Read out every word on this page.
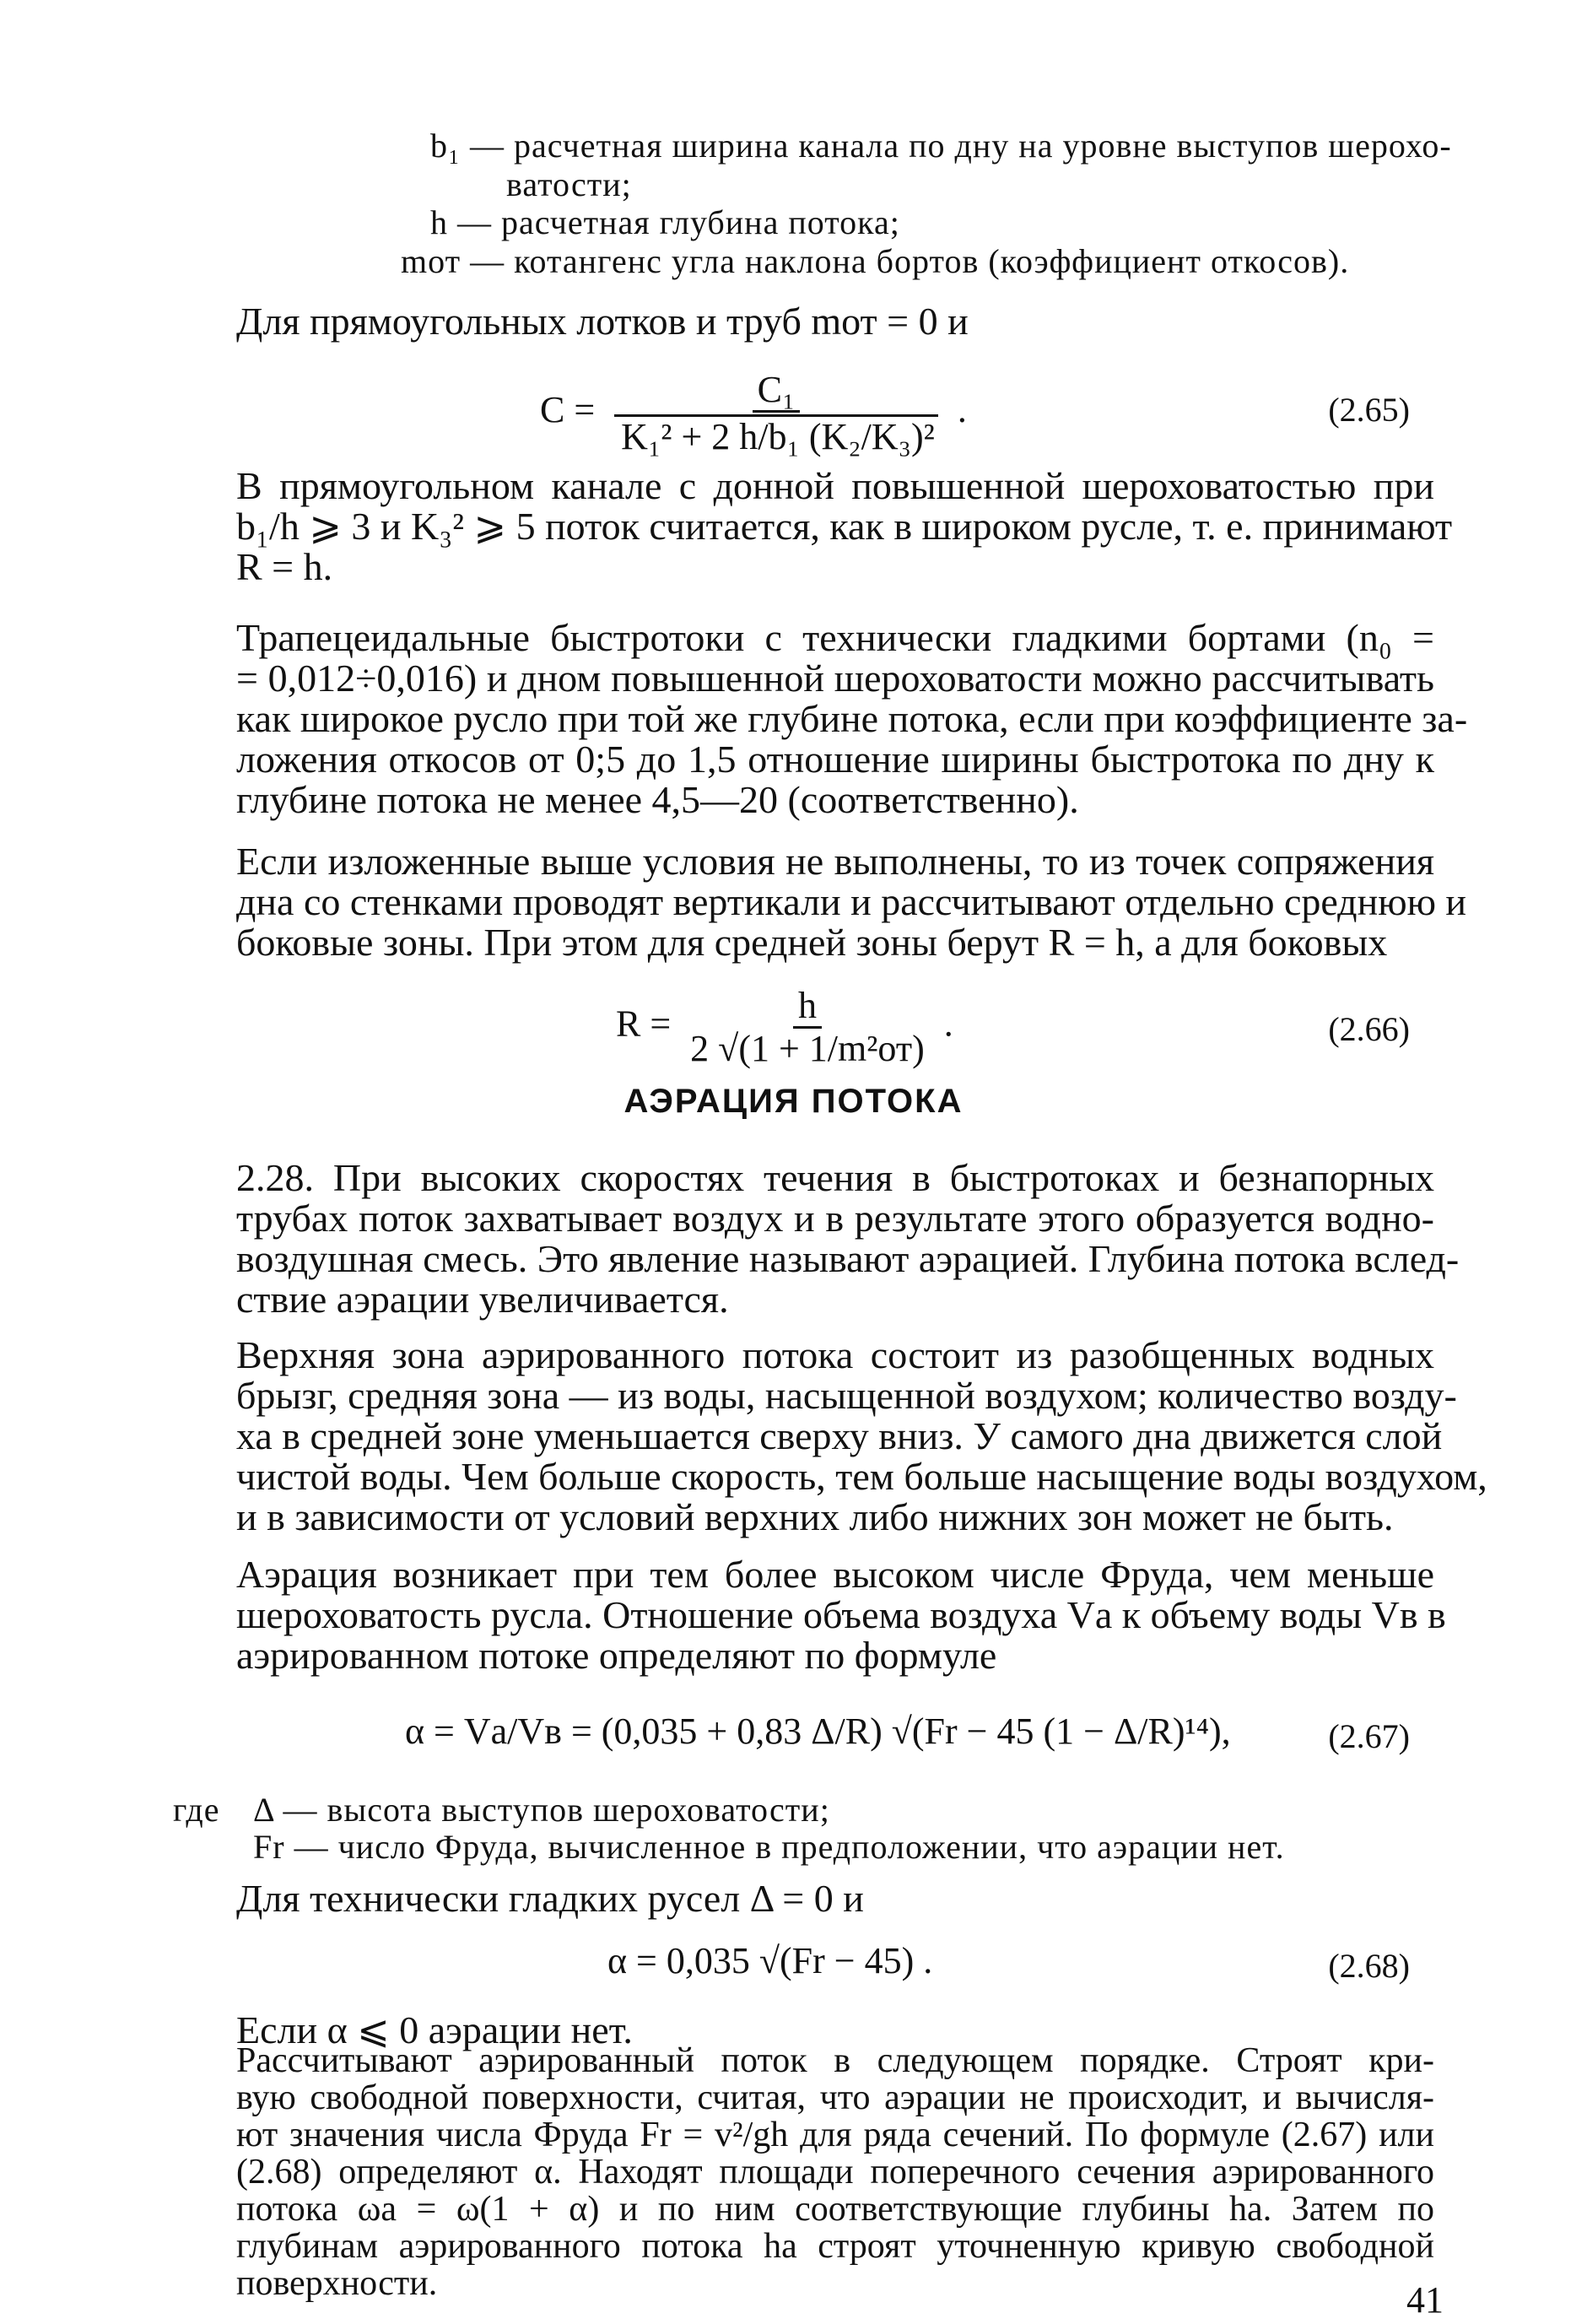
b₁ — расчетная ширина канала по дну на уровне выступов шерохо-
ватости;
h — расчетная глубина потока;
mот — котангенс угла наклона бортов (коэффициент откосов).
Для прямоугольных лотков и труб mот = 0 и
$C = \frac{\text{C₁}}{\text{K₁² + 2 h/b₁ (K₂/K₃)²}}$ .	(2.65)
В прямоугольном канале с донной повышенной шероховатостью при
b₁/h ⩾ 3 и K₃² ⩾ 5 поток считается, как в широком русле, т. е. принимают
R = h.
Трапецеидальные быстротоки с технически гладкими бортами (n₀ =
= 0,012÷0,016) и дном повышенной шероховатости можно рассчитывать
как широкое русло при той же глубине потока, если при коэффициенте за-
ложения откосов от 0;5 до 1,5 отношение ширины быстротока по дну к
глубине потока не менее 4,5—20 (соответственно).
Если изложенные выше условия не выполнены, то из точек сопряжения
дна со стенками проводят вертикали и рассчитывают отдельно среднюю и
боковые зоны. При этом для средней зоны берут R = h, а для боковых
$R = \frac{h}{\text{2 √(1 + 1/m²от)}}$ .	(2.66)
АЭРАЦИЯ ПОТОКА
2.28. При высоких скоростях течения в быстротоках и безнапорных
трубах поток захватывает воздух и в результате этого образуется водно-
воздушная смесь. Это явление называют аэрацией. Глубина потока вслед-
ствие аэрации увеличивается.
Верхняя зона аэрированного потока состоит из разобщенных водных
брызг, средняя зона — из воды, насыщенной воздухом; количество возду-
ха в средней зоне уменьшается сверху вниз. У самого дна движется слой
чистой воды. Чем больше скорость, тем больше насыщение воды воздухом,
и в зависимости от условий верхних либо нижних зон может не быть.
Аэрация возникает при тем более высоком числе Фруда, чем меньше
шероховатость русла. Отношение объема воздуха Vа к объему воды Vв в
аэрированном потоке определяют по формуле
α = Vа/Vв = (0,035 + 0,83 Δ/R) √(Fr − 45 (1 − Δ/R)¹⁴),	(2.67)
где Δ — высота выступов шероховатости;
Fr — число Фруда, вычисленное в предположении, что аэрации нет.
Для технически гладких русел Δ = 0 и
α = 0,035 √(Fr − 45) .	(2.68)
Если α ⩽ 0 аэрации нет.
Рассчитывают аэрированный поток в следующем порядке. Строят кри-
вую свободной поверхности, считая, что аэрации не происходит, и вычисля-
ют значения числа Фруда Fr = v²/gh для ряда сечений. По формуле (2.67) или
(2.68) определяют α. Находят площади поперечного сечения аэрированного
потока ωа = ω(1 + α) и по ним соответствующие глубины hа. Затем по
глубинам аэрированного потока hа строят уточненную кривую свободной
поверхности.	41
